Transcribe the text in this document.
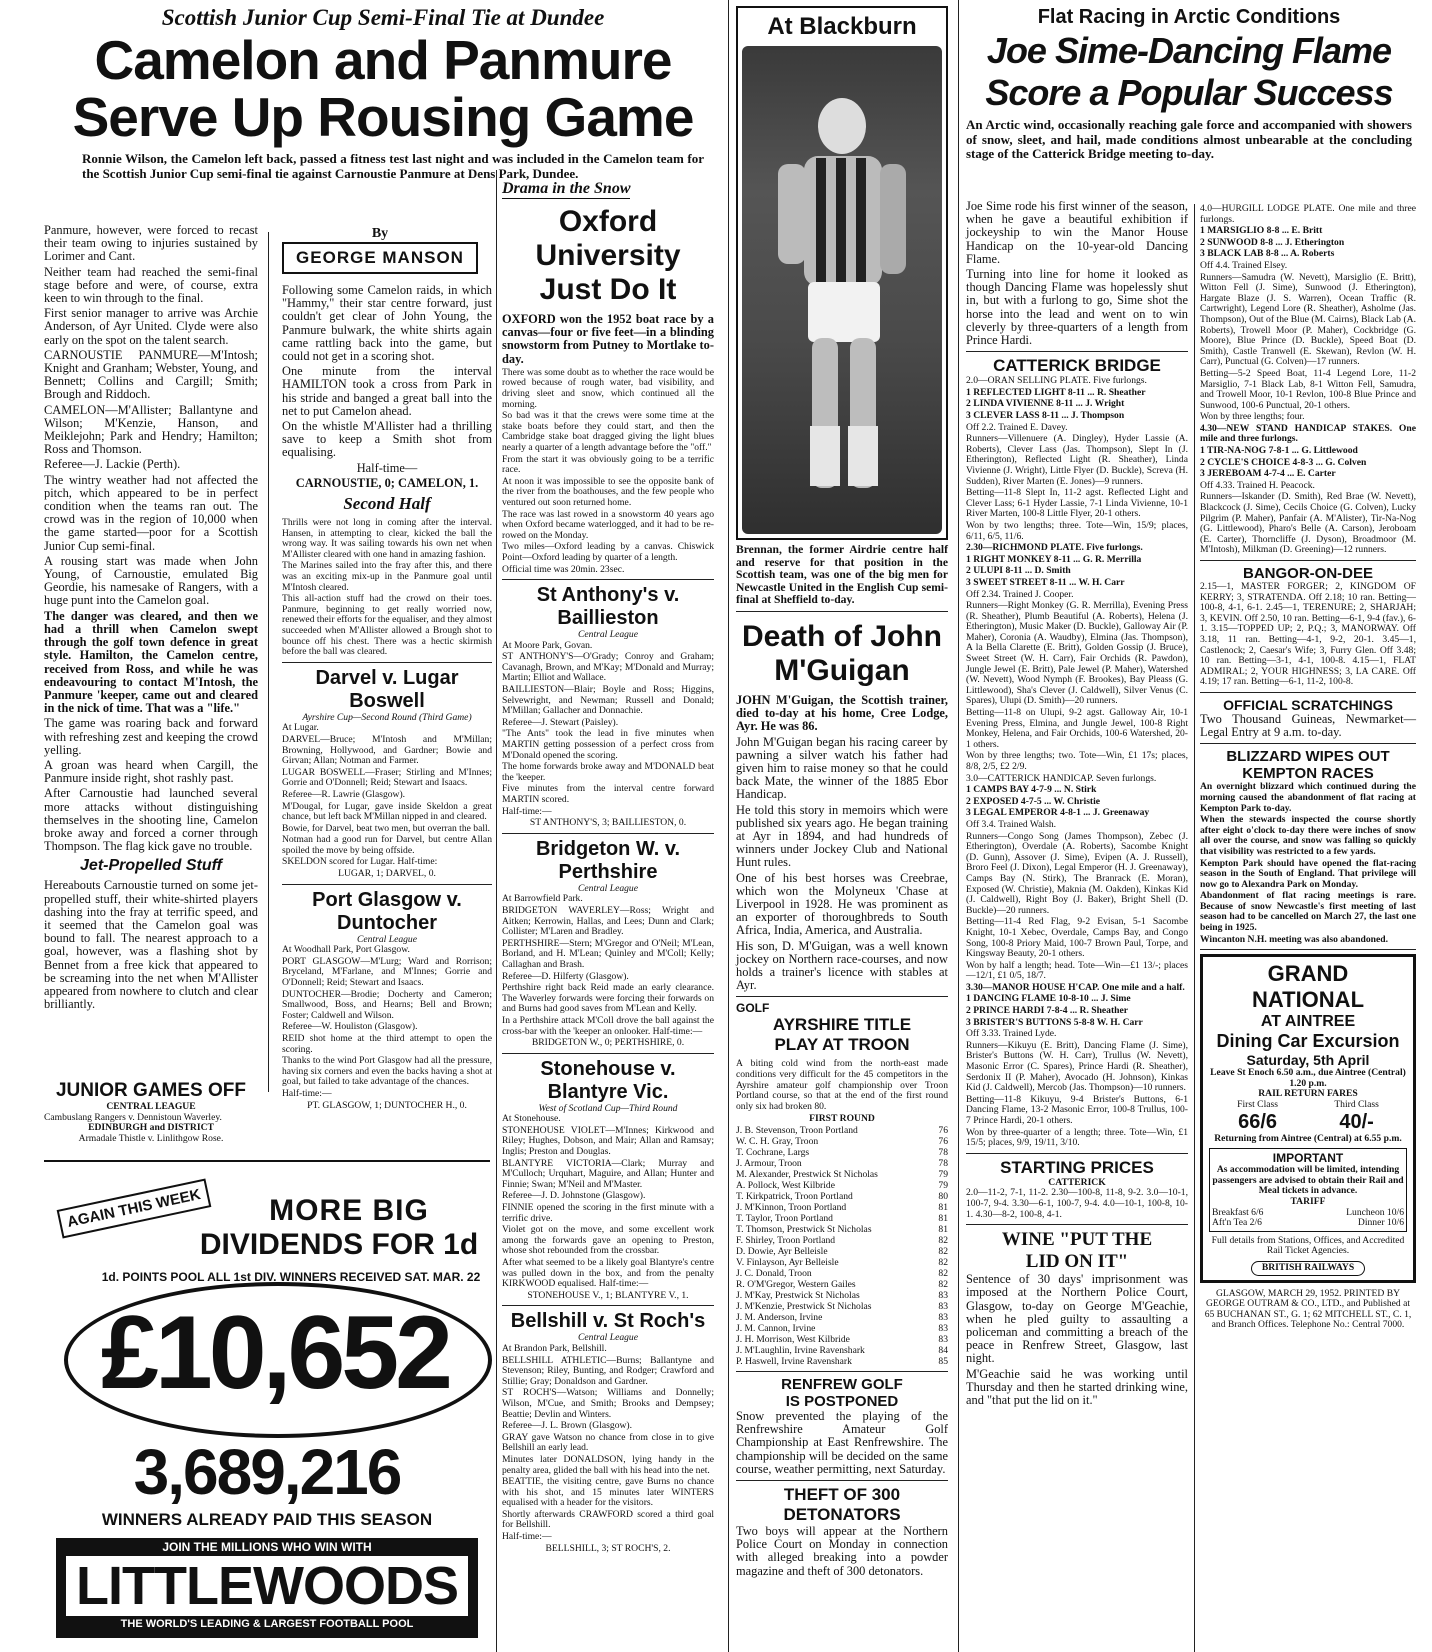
Scottish Junior Cup Semi-Final Tie at Dundee
Camelon and Panmure
Serve Up Rousing Game

Ronnie Wilson, the Camelon left back, passed a fitness test last night and was included in the Camelon team for the Scottish Junior Cup semi-final tie against Carnoustie Panmure at Dens Park, Dundee.

By
GEORGE MANSON

Panmure, however, were forced to recast their team owing to injuries sustained by Lorimer and Cant.

Neither team had reached the semi-final stage before and were, of course, extra keen to win through to the final.

First senior manager to arrive was Archie Anderson, of Ayr United. Clyde were also early on the spot on the talent search.

CARNOUSTIE PANMURE—M'Intosh; Knight and Granham; Webster, Young, and Bennett; Collins and Cargill; Smith; Brough and Riddoch.

CAMELON—M'Allister; Ballantyne and Wilson; M'Kenzie, Hanson, and Meiklejohn; Park and Hendry; Hamilton; Ross and Thomson.

Referee—J. Lackie (Perth).

The wintry weather had not affected the pitch, which appeared to be in perfect condition when the teams ran out. The crowd was in the region of 10,000 when the game started—poor for a Scottish Junior Cup semi-final.

A rousing start was made when John Young, of Carnoustie, emulated Big Geordie, his namesake of Rangers, with a huge punt into the Camelon goal.

The danger was cleared, and then we had a thrill when Camelon swept through the golf town defence in great style. Hamilton, the Camelon centre, received from Ross, and while he was endeavouring to contact M'Intosh, the Panmure 'keeper, came out and cleared in the nick of time. That was a "life."

The game was roaring back and forward with refreshing zest and keeping the crowd yelling.

A groan was heard when Cargill, the Panmure inside right, shot rashly past.

After Carnoustie had launched several more attacks without distinguishing themselves in the shooting line, Camelon broke away and forced a corner through Thompson. The flag kick gave no trouble.

Jet-Propelled Stuff

Hereabouts Carnoustie turned on some jet-propelled stuff, their white-shirted players dashing into the fray at terrific speed, and it seemed that the Camelon goal was bound to fall. The nearest approach to a goal, however, was a flashing shot by Bennet from a free kick that appeared to be screaming into the net when M'Allister appeared from nowhere to clutch and clear brilliantly.

Following some Camelon raids, in which "Hammy," their star centre forward, just couldn't get clear of John Young, the Panmure bulwark, the white shirts again came rattling back into the game, but could not get in a scoring shot.

One minute from the interval HAMILTON took a cross from Park in his stride and banged a great ball into the net to put Camelon ahead.

On the whistle M'Allister had a thrilling save to keep a Smith shot from equalising.

Half-time—

CARNOUSTIE, 0; CAMELON, 1.

Second Half

Thrills were not long in coming after the interval. Hansen, in attempting to clear, kicked the ball the wrong way. It was sailing towards his own net when M'Allister cleared with one hand in amazing fashion.

The Marines sailed into the fray after this, and there was an exciting mix-up in the Panmure goal until M'Intosh cleared.

This all-action stuff had the crowd on their toes. Panmure, beginning to get really worried now, renewed their efforts for the equaliser, and they almost succeeded when M'Allister allowed a Brough shot to bounce off his chest. There was a hectic skirmish before the ball was cleared.

Darvel v. Lugar Boswell
Ayrshire Cup—Second Round (Third Game)

At Lugar.

DARVEL—Bruce; M'Intosh and M'Millan; Browning, Hollywood, and Gardner; Bowie and Girvan; Allan; Notman and Farmer.

LUGAR BOSWELL—Fraser; Stirling and M'Innes; Gorrie and O'Donnell; Reid; Stewart and Isaacs.

Referee—R. Lawrie (Glasgow).

M'Dougal, for Lugar, gave inside Skeldon a great chance, but left back M'Millan nipped in and cleared.

Bowie, for Darvel, beat two men, but overran the ball.

Notman had a good run for Darvel, but centre Allan spoiled the move by being offside.

SKELDON scored for Lugar. Half-time:

LUGAR, 1; DARVEL, 0.

Port Glasgow v. Duntocher
Central League

At Woodhall Park, Port Glasgow.

PORT GLASGOW—M'Lurg; Ward and Rorrison; Bryceland, M'Farlane, and M'Innes; Gorrie and O'Donnell; Reid; Stewart and Isaacs.

DUNTOCHER—Brodie; Docherty and Cameron; Smallwood, Boss, and Hearns; Bell and Brown; Foster; Caldwell and Wilson.

Referee—W. Houliston (Glasgow).

REID shot home at the third attempt to open the scoring.

Thanks to the wind Port Glasgow had all the pressure, having six corners and even the backs having a shot at goal, but failed to take advantage of the chances.

Half-time:—

PT. GLASGOW, 1; DUNTOCHER H., 0.

JUNIOR GAMES OFF
CENTRAL LEAGUE
Cambuslang Rangers v. Dennistoun Waverley.
EDINBURGH and DISTRICT
Armadale Thistle v. Linlithgow Rose.
AGAIN THIS WEEK	MORE BIG
DIVIDENDS FOR 1d
1d. POINTS POOL ALL 1st DIV. WINNERS RECEIVED SAT. MAR. 22
£10,652
3,689,216
WINNERS ALREADY PAID THIS SEASON
JOIN THE MILLIONS WHO WIN WITH
LITTLEWOODS
THE WORLD'S LEADING & LARGEST FOOTBALL POOL
Drama in the Snow
Oxford University
Just Do It

OXFORD won the 1952 boat race by a canvas—four or five feet—in a blinding snowstorm from Putney to Mortlake to-day.

There was some doubt as to whether the race would be rowed because of rough water, bad visibility, and driving sleet and snow, which continued all the morning.

So bad was it that the crews were some time at the stake boats before they could start, and then the Cambridge stake boat dragged giving the light blues nearly a quarter of a length advantage before the "off."

From the start it was obviously going to be a terrific race.

At noon it was impossible to see the opposite bank of the river from the boathouses, and the few people who ventured out soon returned home.

The race was last rowed in a snowstorm 40 years ago when Oxford became waterlogged, and it had to be re-rowed on the Monday.

Two miles—Oxford leading by a canvas. Chiswick Point—Oxford leading by quarter of a length.

Official time was 20min. 23sec.

St Anthony's v. Baillieston
Central League

At Moore Park, Govan.

ST ANTHONY'S—O'Grady; Conroy and Graham; Cavanagh, Brown, and M'Kay; M'Donald and Murray; Martin; Elliot and Wallace.

BAILLIESTON—Blair; Boyle and Ross; Higgins, Selvewright, and Newman; Russell and Donald; M'Millan; Gallacher and Donnachie.

Referee—J. Stewart (Paisley).

"The Ants" took the lead in five minutes when MARTIN getting possession of a perfect cross from M'Donald opened the scoring.

The home forwards broke away and M'DONALD beat the 'keeper.

Five minutes from the interval centre forward MARTIN scored.

Half-time:—

ST ANTHONY'S, 3; BAILLIESTON, 0.

Bridgeton W. v. Perthshire
Central League

At Barrowfield Park.

BRIDGETON WAVERLEY—Ross; Wright and Aitken; Kerrowin, Hallas, and Lees; Dunn and Clark; Collister; M'Laren and Bradley.

PERTHSHIRE—Stern; M'Gregor and O'Neil; M'Lean, Borland, and H. M'Lean; Quinley and M'Coll; Kelly; Callaghan and Brash.

Referee—D. Hilferty (Glasgow).

Perthshire right back Reid made an early clearance. The Waverley forwards were forcing their forwards on and Burns had good saves from M'Lean and Kelly.

In a Perthshire attack M'Coll drove the ball against the cross-bar with the 'keeper an onlooker. Half-time:—

BRIDGETON W., 0; PERTHSHIRE, 0.

Stonehouse v. Blantyre Vic.
West of Scotland Cup—Third Round

At Stonehouse.

STONEHOUSE VIOLET—M'Innes; Kirkwood and Riley; Hughes, Dobson, and Mair; Allan and Ramsay; Inglis; Preston and Douglas.

BLANTYRE VICTORIA—Clark; Murray and M'Culloch; Urquhart, Maguire, and Allan; Hunter and Finnie; Swan; M'Neil and M'Master.

Referee—J. D. Johnstone (Glasgow).

FINNIE opened the scoring in the first minute with a terrific drive.

Violet got on the move, and some excellent work among the forwards gave an opening to Preston, whose shot rebounded from the crossbar.

After what seemed to be a likely goal Blantyre's centre was pulled down in the box, and from the penalty KIRKWOOD equalised. Half-time:—

STONEHOUSE V., 1; BLANTYRE V., 1.

Bellshill v. St Roch's
Central League

At Brandon Park, Bellshill.

BELLSHILL ATHLETIC—Burns; Ballantyne and Stevenson; Riley, Bunting, and Rodger; Crawford and Stillie; Gray; Donaldson and Gardner.

ST ROCH'S—Watson; Williams and Donnelly; Wilson, M'Cue, and Smith; Brooks and Dempsey; Beattie; Devlin and Winters.

Referee—J. L. Brown (Glasgow).

GRAY gave Watson no chance from close in to give Bellshill an early lead.

Minutes later DONALDSON, lying handy in the penalty area, glided the ball with his head into the net.

BEATTIE, the visiting centre, gave Burns no chance with his shot, and 15 minutes later WINTERS equalised with a header for the visitors.

Shortly afterwards CRAWFORD scored a third goal for Bellshill.

Half-time:—

BELLSHILL, 3; ST ROCH'S, 2.

At Blackburn

Brennan, the former Airdrie centre half and reserve for that position in the Scottish team, was one of the big men for Newcastle United in the English Cup semi-final at Sheffield to-day.

Death of John
M'Guigan

JOHN M'Guigan, the Scottish trainer, died to-day at his home, Cree Lodge, Ayr. He was 86.

John M'Guigan began his racing career by pawning a silver watch his father had given him to raise money so that he could back Mate, the winner of the 1885 Ebor Handicap.

He told this story in memoirs which were published six years ago. He began training at Ayr in 1894, and had hundreds of winners under Jockey Club and National Hunt rules.

One of his best horses was Creebrae, which won the Molyneux 'Chase at Liverpool in 1928. He was prominent as an exporter of thoroughbreds to South Africa, India, America, and Australia.

His son, D. M'Guigan, was a well known jockey on Northern race-courses, and now holds a trainer's licence with stables at Ayr.

GOLF
AYRSHIRE TITLE
PLAY AT TROON

A biting cold wind from the north-east made conditions very difficult for the 45 competitors in the Ayrshire amateur golf championship over Troon Portland course, so that at the end of the first round only six had broken 80.

FIRST ROUND
J. B. Stevenson, Troon Portland	76
W. C. H. Gray, Troon	76
T. Cochrane, Largs	78
J. Armour, Troon	78
M. Alexander, Prestwick St Nicholas	79
A. Pollock, West Kilbride	79
T. Kirkpatrick, Troon Portland	80
J. M'Kinnon, Troon Portland	81
T. Taylor, Troon Portland	81
T. Thomson, Prestwick St Nicholas	81
F. Shirley, Troon Portland	82
D. Dowie, Ayr Belleisle	82
V. Finlayson, Ayr Belleisle	82
J. C. Donald, Troon	82
R. O'M'Gregor, Western Gailes	82
J. M'Kay, Prestwick St Nicholas	83
J. M'Kenzie, Prestwick St Nicholas	83
J. M. Anderson, Irvine	83
J. M. Cannon, Irvine	83
J. H. Morrison, West Kilbride	83
J. M'Laughlin, Irvine Ravenshark	84
P. Haswell, Irvine Ravenshark	85
RENFREW GOLF
IS POSTPONED

Snow prevented the playing of the Renfrewshire Amateur Golf Championship at East Renfrewshire. The championship will be decided on the same course, weather permitting, next Saturday.

THEFT OF 300
DETONATORS

Two boys will appear at the Northern Police Court on Monday in connection with alleged breaking into a powder magazine and theft of 300 detonators.

Flat Racing in Arctic Conditions
Joe Sime-Dancing Flame
Score a Popular Success

An Arctic wind, occasionally reaching gale force and accompanied with showers of snow, sleet, and hail, made conditions almost unbearable at the concluding stage of the Catterick Bridge meeting to-day.

Joe Sime rode his first winner of the season, when he gave a beautiful exhibition if jockeyship to win the Manor House Handicap on the 10-year-old Dancing Flame.

Turning into line for home it looked as though Dancing Flame was hopelessly shut in, but with a furlong to go, Sime shot the horse into the lead and went on to win cleverly by three-quarters of a length from Prince Hardi.

CATTERICK BRIDGE

2.0—ORAN SELLING PLATE. Five furlongs.

1 REFLECTED LIGHT 8-11 ... R. Sheather

2 LINDA VIVIENNE 8-11 ... J. Wright

3 CLEVER LASS 8-11 ... J. Thompson

Off 2.2. Trained E. Davey.

Runners—Villenuere (A. Dingley), Hyder Lassie (A. Roberts), Clever Lass (Jas. Thompson), Slept In (J. Etherington), Reflected Light (R. Sheather), Linda Vivienne (J. Wright), Little Flyer (D. Buckle), Screva (H. Sudden), River Marten (E. Jones)—9 runners.

Betting—11-8 Slept In, 11-2 agst. Reflected Light and Clever Lass; 6-1 Hyder Lassie, 7-1 Linda Vivienne, 10-1 River Marten, 100-8 Little Flyer, 20-1 others.

Won by two lengths; three. Tote—Win, 15/9; places, 6/11, 6/5, 11/6.

2.30—RICHMOND PLATE. Five furlongs.

1 RIGHT MONKEY 8-11 ... G. R. Merrilla

2 ULUPI 8-11 ... D. Smith

3 SWEET STREET 8-11 ... W. H. Carr

Off 2.34. Trained J. Cooper.

Runners—Right Monkey (G. R. Merrilla), Evening Press (R. Sheather), Plumb Beautiful (A. Roberts), Helena (J. Etherington), Music Maker (D. Buckle), Galloway Air (P. Maher), Coronia (A. Waudby), Elmina (Jas. Thompson), A la Bella Clarette (E. Britt), Golden Gossip (J. Bruce), Sweet Street (W. H. Carr), Fair Orchids (R. Pawdon), Jungle Jewel (E. Britt), Pale Jewel (P. Maher), Watershed (W. Nevett), Wood Nymph (F. Brookes), Bay Pleass (G. Littlewood), Sha's Clever (J. Caldwell), Silver Venus (C. Spares), Ulupi (D. Smith)—20 runners.

Betting—11-8 on Ulupi, 9-2 agst. Galloway Air, 10-1 Evening Press, Elmina, and Jungle Jewel, 100-8 Right Monkey, Helena, and Fair Orchids, 100-6 Watershed, 20-1 others.

Won by three lengths; two. Tote—Win, £1 17s; places, 8/8, 2/5, £2 2/9.

3.0—CATTERICK HANDICAP. Seven furlongs.

1 CAMPS BAY 4-7-9 ... N. Stirk

2 EXPOSED 4-7-5 ... W. Christie

3 LEGAL EMPEROR 4-8-1 ... J. Greenaway

Off 3.4. Trained Walsh.

Runners—Congo Song (James Thompson), Zebec (J. Etherington), Overdale (A. Roberts), Sacombe Knight (D. Gunn), Assover (J. Sime), Evipen (A. J. Russell), Broro Feel (J. Dixon), Legal Emperor (H. J. Greenaway), Camps Bay (N. Stirk), The Branrack (E. Moran), Exposed (W. Christie), Maknia (M. Oakden), Kinkas Kid (J. Caldwell), Right Boy (J. Baker), Bright Shell (D. Buckle)—20 runners.

Betting—11-4 Red Flag, 9-2 Evisan, 5-1 Sacombe Knight, 10-1 Xebec, Overdale, Camps Bay, and Congo Song, 100-8 Priory Maid, 100-7 Brown Paul, Torpe, and Kingsway Beauty, 20-1 others.

Won by half a length; head. Tote—Win—£1 13/-; places—12/1, £1 0/5, 18/7.

3.30—MANOR HOUSE H'CAP. One mile and a half.

1 DANCING FLAME 10-8-10 ... J. Sime

2 PRINCE HARDI 7-8-4 ... R. Sheather

3 BRISTER'S BUTTONS 5-8-8 W. H. Carr

Off 3.33. Trained Lyde.

Runners—Kikuyu (E. Britt), Dancing Flame (J. Sime), Brister's Buttons (W. H. Carr), Trullus (W. Nevett), Masonic Error (C. Spares), Prince Hardi (R. Sheather), Serdonix II (P. Maher), Avocado (H. Johnson), Kinkas Kid (J. Caldwell), Mercob (Jas. Thompson)—10 runners.

Betting—11-8 Kikuyu, 9-4 Brister's Buttons, 6-1 Dancing Flame, 13-2 Masonic Error, 100-8 Trullus, 100-7 Prince Hardi, 20-1 others.

Won by three-quarter of a length; three. Tote—Win, £1 15/5; places, 9/9, 19/11, 3/10.

STARTING PRICES
CATTERICK

2.0—11-2, 7-1, 11-2. 2.30—100-8, 11-8, 9-2. 3.0—10-1, 100-7, 9-4. 3.30—6-1, 100-7, 9-4. 4.0—10-1, 100-8, 10-1. 4.30—8-2, 100-8, 4-1.

WINE "PUT THE
LID ON IT"

Sentence of 30 days' imprisonment was imposed at the Northern Police Court, Glasgow, to-day on George M'Geachie, when he pled guilty to assaulting a policeman and committing a breach of the peace in Renfrew Street, Glasgow, last night.

M'Geachie said he was working until Thursday and then he started drinking wine, and "that put the lid on it."

4.0—HURGILL LODGE PLATE. One mile and three furlongs.

1 MARSIGLIO 8-8 ... E. Britt

2 SUNWOOD 8-8 ... J. Etherington

3 BLACK LAB 8-8 ... A. Roberts

Off 4.4. Trained Elsey.

Runners—Samudra (W. Nevett), Marsiglio (E. Britt), Witton Fell (J. Sime), Sunwood (J. Etherington), Hargate Blaze (J. S. Warren), Ocean Traffic (R. Cartwright), Legend Lore (R. Sheather), Asholme (Jas. Thompson), Out of the Blue (M. Cairns), Black Lab (A. Roberts), Trowell Moor (P. Maher), Cockbridge (G. Moore), Blue Prince (D. Buckle), Speed Boat (D. Smith), Castle Tranwell (E. Skewan), Revlon (W. H. Carr), Punctual (G. Colven)—17 runners.

Betting—5-2 Speed Boat, 11-4 Legend Lore, 11-2 Marsiglio, 7-1 Black Lab, 8-1 Witton Fell, Samudra, and Trowell Moor, 10-1 Revlon, 100-8 Blue Prince and Sunwood, 100-6 Punctual, 20-1 others.

Won by three lengths; four.

4.30—NEW STAND HANDICAP STAKES. One mile and three furlongs.

1 TIR-NA-NOG 7-8-1 ... G. Littlewood

2 CYCLE'S CHOICE 4-8-3 ... G. Colven

3 JEREBOAM 4-7-4 ... E. Carter

Off 4.33. Trained H. Peacock.

Runners—Iskander (D. Smith), Red Brae (W. Nevett), Blackcock (J. Sime), Cecils Choice (G. Colven), Lucky Pilgrim (P. Maher), Panfair (A. M'Alister), Tir-Na-Nog (G. Littlewood), Pharo's Belle (A. Carson), Jeroboam (E. Carter), Thorncliffe (J. Dyson), Broadmoor (M. M'Intosh), Milkman (D. Greening)—12 runners.

BANGOR-ON-DEE

2.15—1, MASTER FORGER; 2, KINGDOM OF KERRY; 3, STRATENDA. Off 2.18; 10 ran. Betting—100-8, 4-1, 6-1. 2.45—1, TERENURE; 2, SHARJAH; 3, KEVIN. Off 2.50, 10 ran. Betting—6-1, 9-4 (fav.), 6-1. 3.15—TOPPED UP; 2, P.Q.; 3, MANORWAY. Off 3.18, 11 ran. Betting—4-1, 9-2, 20-1. 3.45—1, Castlenock; 2, Caesar's Wife; 3, Furry Glen. Off 3.48; 10 ran. Betting—3-1, 4-1, 100-8. 4.15—1, FLAT ADMIRAL; 2, YOUR HIGHNESS; 3, LA CARE. Off 4.19; 17 ran. Betting—6-1, 11-2, 100-8.

OFFICIAL SCRATCHINGS

Two Thousand Guineas, Newmarket—Legal Entry at 9 a.m. to-day.

BLIZZARD WIPES OUT KEMPTON RACES

An overnight blizzard which continued during the morning caused the abandonment of flat racing at Kempton Park to-day.

When the stewards inspected the course shortly after eight o'clock to-day there were inches of snow all over the course, and snow was falling so quickly that visibility was restricted to a few yards.

Kempton Park should have opened the flat-racing season in the South of England. That privilege will now go to Alexandra Park on Monday.

Abandonment of flat racing meetings is rare. Because of snow Newcastle's first meeting of last season had to be cancelled on March 27, the last one being in 1925.

Wincanton N.H. meeting was also abandoned.

GRAND NATIONAL
AT AINTREE
Dining Car Excursion
Saturday, 5th April
Leave St Enoch 6.50 a.m., due Aintree (Central) 1.20 p.m.
RAIL RETURN FARES
First Class
66/6
Third Class
40/-
Returning from Aintree (Central) at 6.55 p.m.
IMPORTANT
As accommodation will be limited, intending passengers are advised to obtain their Rail and Meal tickets in advance.
TARIFF
Breakfast 6/6	Luncheon 10/6
Aft'n Tea 2/6	Dinner 10/6
Full details from Stations, Offices, and Accredited Rail Ticket Agencies.
BRITISH RAILWAYS

GLASGOW, MARCH 29, 1952. PRINTED BY GEORGE OUTRAM & CO., LTD., and Published at 65 BUCHANAN ST., G. 1; 62 MITCHELL ST., C. 1, and Branch Offices. Telephone No.: Central 7000.
